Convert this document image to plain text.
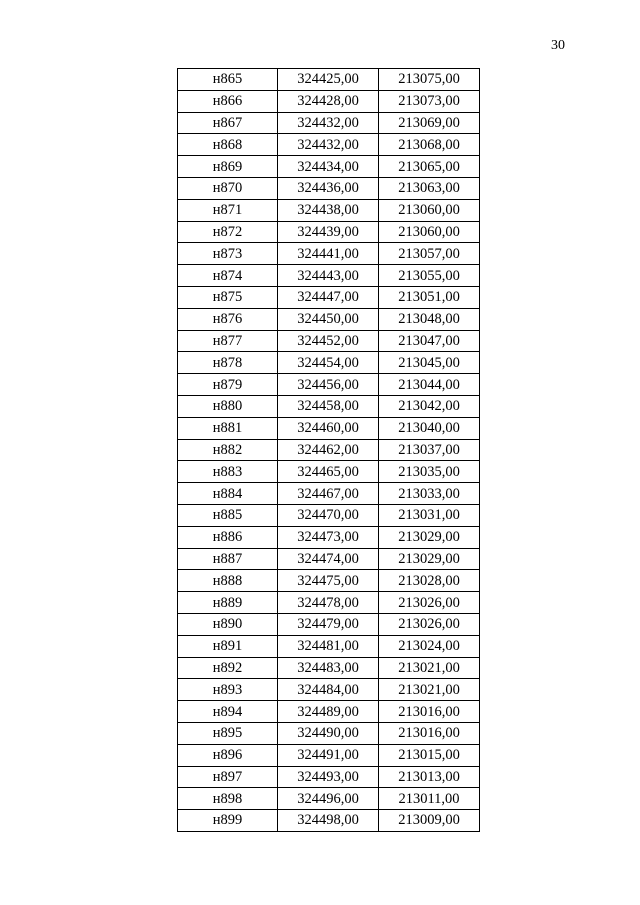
30
н865	324425,00	213075,00
н866	324428,00	213073,00
н867	324432,00	213069,00
н868	324432,00	213068,00
н869	324434,00	213065,00
н870	324436,00	213063,00
н871	324438,00	213060,00
н872	324439,00	213060,00
н873	324441,00	213057,00
н874	324443,00	213055,00
н875	324447,00	213051,00
н876	324450,00	213048,00
н877	324452,00	213047,00
н878	324454,00	213045,00
н879	324456,00	213044,00
н880	324458,00	213042,00
н881	324460,00	213040,00
н882	324462,00	213037,00
н883	324465,00	213035,00
н884	324467,00	213033,00
н885	324470,00	213031,00
н886	324473,00	213029,00
н887	324474,00	213029,00
н888	324475,00	213028,00
н889	324478,00	213026,00
н890	324479,00	213026,00
н891	324481,00	213024,00
н892	324483,00	213021,00
н893	324484,00	213021,00
н894	324489,00	213016,00
н895	324490,00	213016,00
н896	324491,00	213015,00
н897	324493,00	213013,00
н898	324496,00	213011,00
н899	324498,00	213009,00
